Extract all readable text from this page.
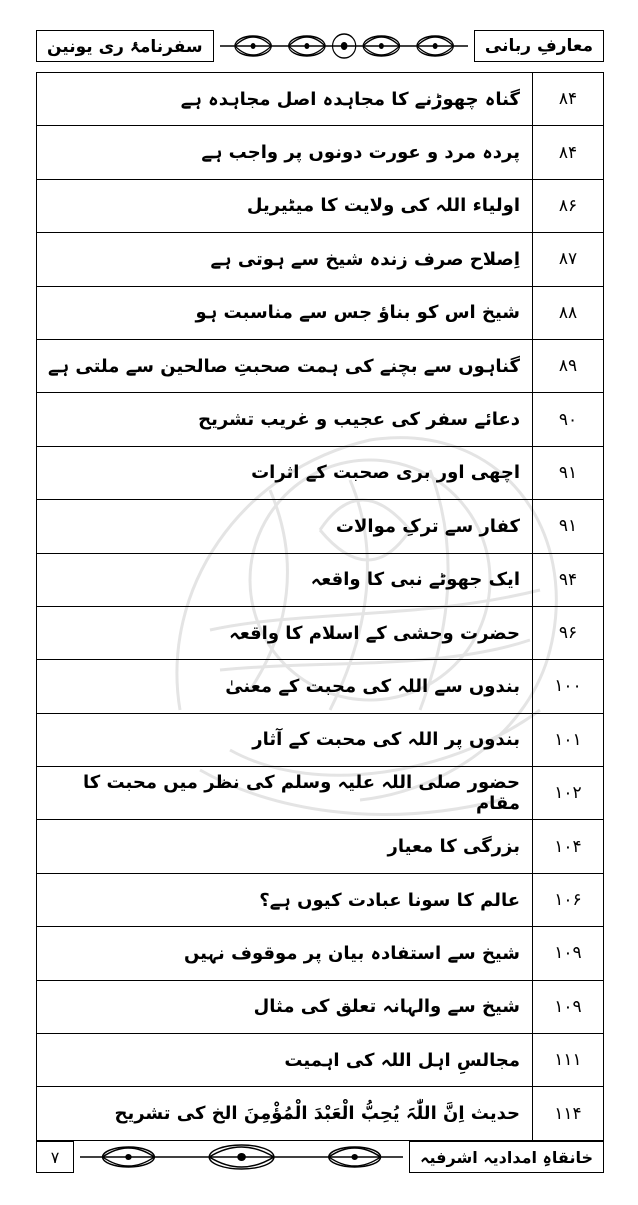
سفرنامۂ ری یونین	معارفِ ربانی
۸۴	گناہ چھوڑنے کا مجاہدہ اصل مجاہدہ ہے
۸۴	پردہ مرد و عورت دونوں پر واجب ہے
۸۶	اولیاء اللہ کی ولایت کا میٹیریل
۸۷	اِصلاح صرف زندہ شیخ سے ہوتی ہے
۸۸	شیخ اس کو بناؤ جس سے مناسبت ہو
۸۹	گناہوں سے بچنے کی ہمت صحبتِ صالحین سے ملتی ہے
۹۰	دعائے سفر کی عجیب و غریب تشریح
۹۱	اچھی اور بری صحبت کے اثرات
۹۱	کفار سے ترکِ موالات
۹۴	ایک جھوٹے نبی کا واقعہ
۹۶	حضرت وحشی کے اسلام کا واقعہ
۱۰۰	بندوں سے اللہ کی محبت کے معنیٰ
۱۰۱	بندوں پر اللہ کی محبت کے آثار
۱۰۲	حضور صلی اللہ علیہ وسلم کی نظر میں محبت کا مقام
۱۰۴	بزرگی کا معیار
۱۰۶	عالم کا سونا عبادت کیوں ہے؟
۱۰۹	شیخ سے استفادہ بیان پر موقوف نہیں
۱۰۹	شیخ سے والہانہ تعلق کی مثال
۱۱۱	مجالسِ اہل اللہ کی اہمیت
۱۱۴	حدیث اِنَّ اللّٰہَ یُحِبُّ الْعَبْدَ الْمُؤْمِنَ الخ کی تشریح
۷	خانقاہِ امدادیہ اشرفیہ
